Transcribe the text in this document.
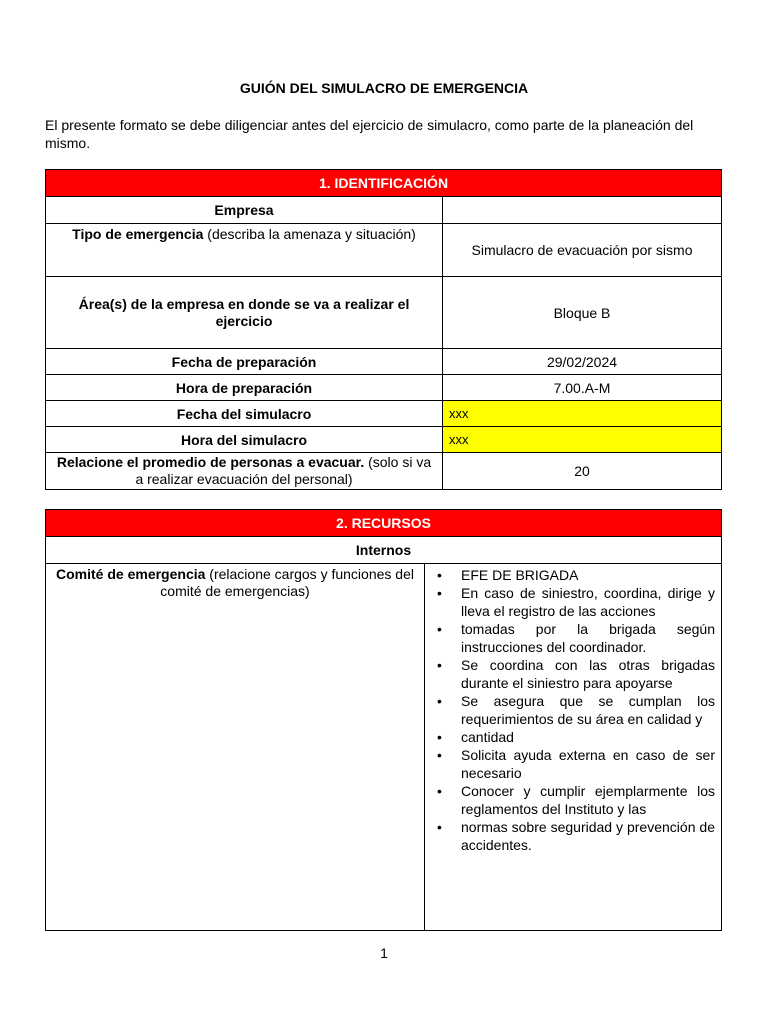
GUIÓN DEL SIMULACRO DE EMERGENCIA
El presente formato se debe diligenciar antes del ejercicio de simulacro, como parte de la planeación del mismo.
1. IDENTIFICACIÓN	
Empresa	
Tipo de emergencia (describa la amenaza y situación)	Simulacro de evacuación por sismo
Área(s) de la empresa en donde se va a realizar el ejercicio	Bloque B
Fecha de preparación	29/02/2024
Hora de preparación	7.00.A-M
Fecha del simulacro	xxx
Hora del simulacro	xxx
Relacione el promedio de personas a evacuar. (solo si va a realizar evacuación del personal)	20
2. RECURSOS
Internos
Comité de emergencia (relacione cargos y funciones del comité de emergencias)	
• EFE DE BRIGADA
• En caso de siniestro, coordina, dirige y lleva el registro de las acciones
• tomadas por la brigada según instrucciones del coordinador.
• Se coordina con las otras brigadas durante el siniestro para apoyarse
• Se asegura que se cumplan los requerimientos de su área en calidad y
• cantidad
• Solicita ayuda externa en caso de ser necesario
• Conocer y cumplir ejemplarmente los reglamentos del Instituto y las
• normas sobre seguridad y prevención de accidentes.
1
